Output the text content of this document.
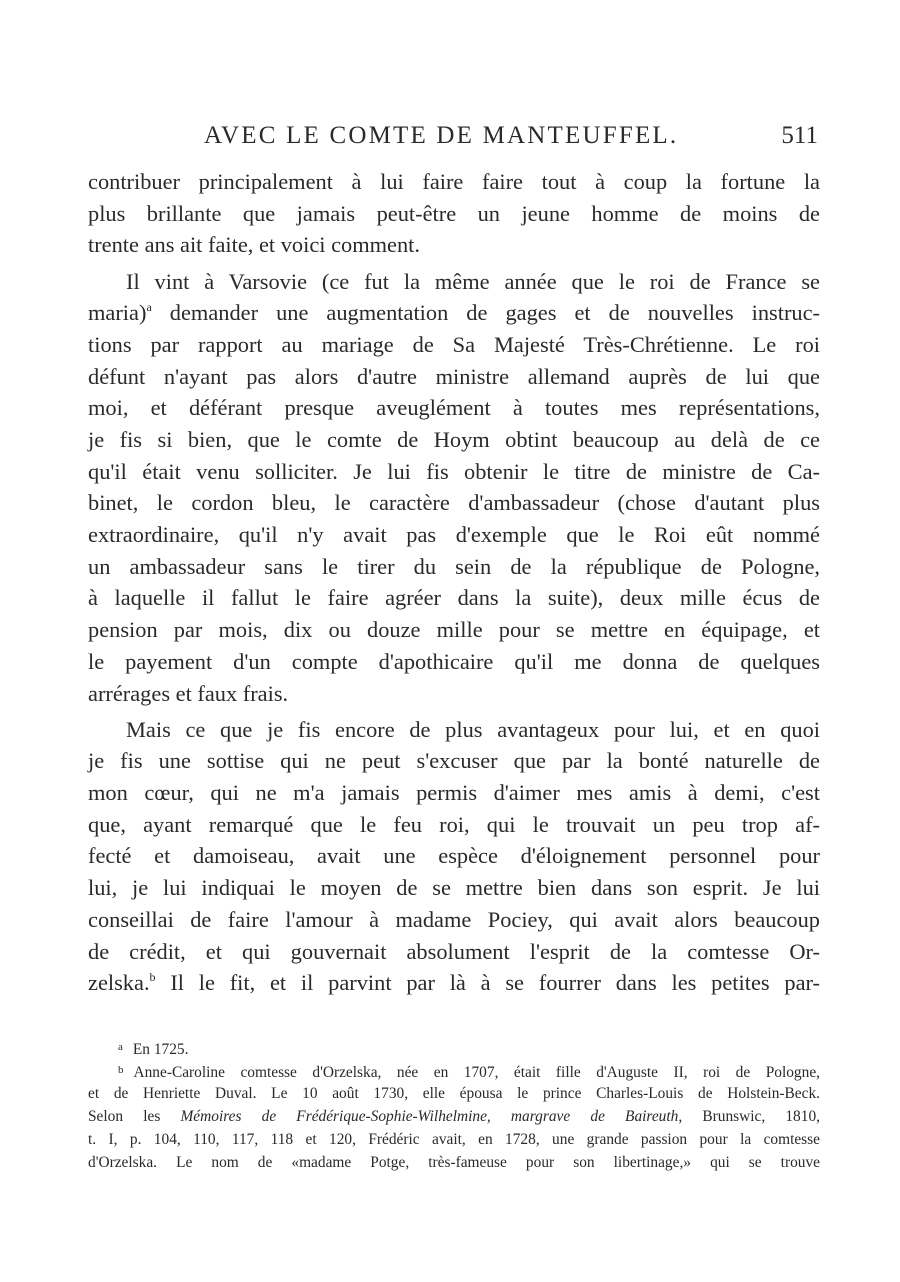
AVEC LE COMTE DE MANTEUFFEL.	511
contribuer principalement à lui faire faire tout à coup la fortune la
plus brillante que jamais peut-être un jeune homme de moins de
trente ans ait faite, et voici comment.
Il vint à Varsovie (ce fut la même année que le roi de France se
maria)$^a$ demander une augmentation de gages et de nouvelles instruc-
tions par rapport au mariage de Sa Majesté Très-Chrétienne. Le roi
défunt n'ayant pas alors d'autre ministre allemand auprès de lui que
moi, et déférant presque aveuglément à toutes mes représentations,
je fis si bien, que le comte de Hoym obtint beaucoup au delà de ce
qu'il était venu solliciter. Je lui fis obtenir le titre de ministre de Ca-
binet, le cordon bleu, le caractère d'ambassadeur (chose d'autant plus
extraordinaire, qu'il n'y avait pas d'exemple que le Roi eût nommé
un ambassadeur sans le tirer du sein de la république de Pologne,
à laquelle il fallut le faire agréer dans la suite), deux mille écus de
pension par mois, dix ou douze mille pour se mettre en équipage, et
le payement d'un compte d'apothicaire qu'il me donna de quelques
arrérages et faux frais.
Mais ce que je fis encore de plus avantageux pour lui, et en quoi
je fis une sottise qui ne peut s'excuser que par la bonté naturelle de
mon cœur, qui ne m'a jamais permis d'aimer mes amis à demi, c'est
que, ayant remarqué que le feu roi, qui le trouvait un peu trop af-
fecté et damoiseau, avait une espèce d'éloignement personnel pour
lui, je lui indiquai le moyen de se mettre bien dans son esprit. Je lui
conseillai de faire l'amour à madame Pociey, qui avait alors beaucoup
de crédit, et qui gouvernait absolument l'esprit de la comtesse Or-
zelska.$^b$ Il le fit, et il parvint par là à se fourrer dans les petites par-
$^a$ En 1725.
$^b$ Anne-Caroline comtesse d'Orzelska, née en 1707, était fille d'Auguste II, roi de Pologne,
et de Henriette Duval. Le 10 août 1730, elle épousa le prince Charles-Louis de Holstein-Beck.
Selon les Mémoires de Frédérique-Sophie-Wilhelmine, margrave de Baireuth, Brunswic, 1810,
t. I, p. 104, 110, 117, 118 et 120, Frédéric avait, en 1728, une grande passion pour la comtesse
d'Orzelska. Le nom de «madame Potge, très-fameuse pour son libertinage,» qui se trouve
